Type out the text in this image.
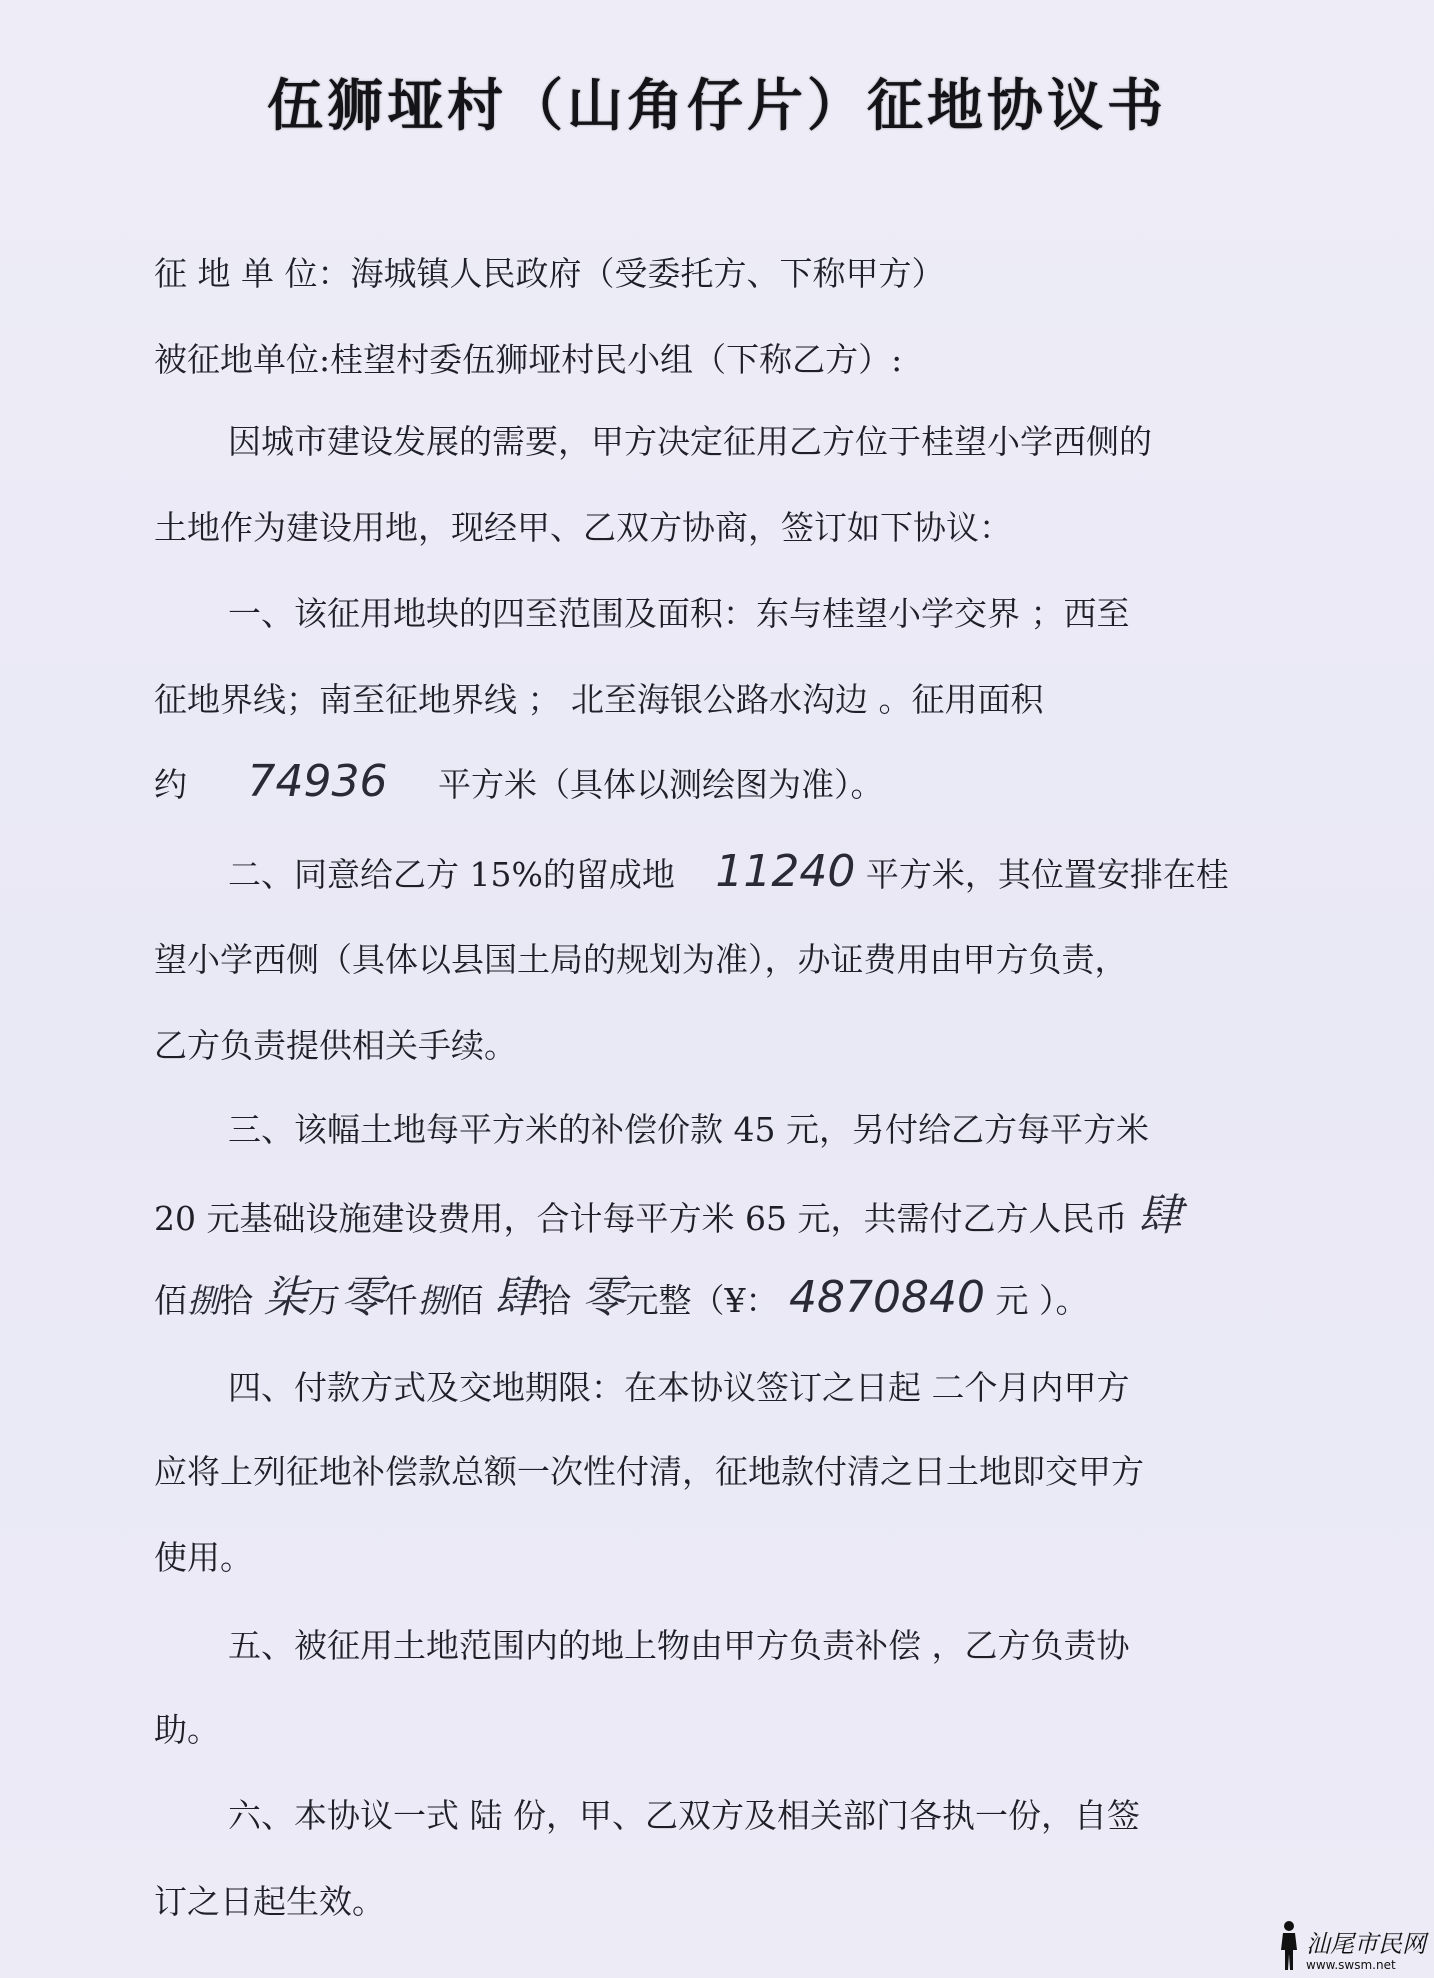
伍狮垭村（山角仔片）征地协议书
征 地 单 位：海城镇人民政府（受委托方、下称甲方）
被征地单位:桂望村委伍狮垭村民小组（下称乙方）:
因城市建设发展的需要，甲方决定征用乙方位于桂望小学西侧的
土地作为建设用地，现经甲、乙双方协商，签订如下协议：
一、该征用地块的四至范围及面积：东与桂望小学交界 ；西至
征地界线；南至征地界线 ； 北至海银公路水沟边 。征用面积
约 74936 平方米（具体以测绘图为准）。
二、同意给乙方 15%的留成地 11240 平方米，其位置安排在桂
望小学西侧（具体以县国土局的规划为准），办证费用由甲方负责，
乙方负责提供相关手续。
三、该幅土地每平方米的补偿价款 45 元，另付给乙方每平方米
20 元基础设施建设费用，合计每平方米 65 元，共需付乙方人民币 肆
佰捌拾 柒万零仟捌佰 肆拾 零元整（¥： 4870840 元 ）。
四、付款方式及交地期限：在本协议签订之日起 二个月内甲方
应将上列征地补偿款总额一次性付清，征地款付清之日土地即交甲方
使用。
五、被征用土地范围内的地上物由甲方负责补偿 ，乙方负责协
助。
六、本协议一式 陆 份，甲、乙双方及相关部门各执一份，自签
订之日起生效。
汕尾市民网
www.swsm.net
